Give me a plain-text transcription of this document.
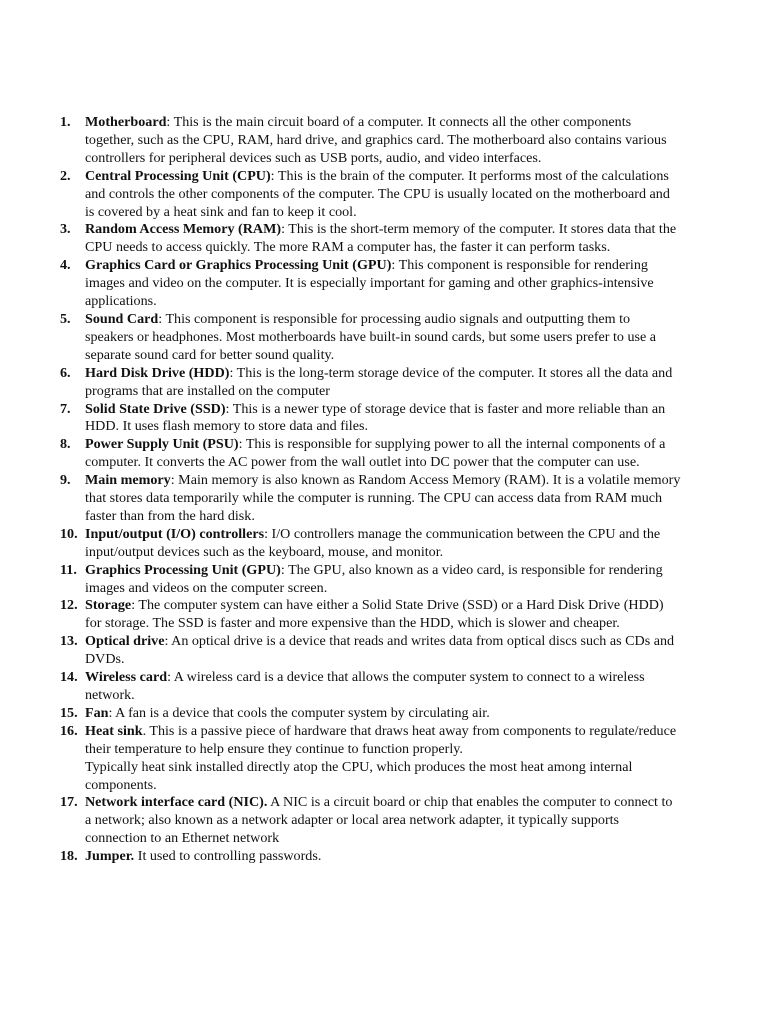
1. Motherboard: This is the main circuit board of a computer. It connects all the other components together, such as the CPU, RAM, hard drive, and graphics card. The motherboard also contains various controllers for peripheral devices such as USB ports, audio, and video interfaces.
2. Central Processing Unit (CPU): This is the brain of the computer. It performs most of the calculations and controls the other components of the computer. The CPU is usually located on the motherboard and is covered by a heat sink and fan to keep it cool.
3. Random Access Memory (RAM): This is the short-term memory of the computer. It stores data that the CPU needs to access quickly. The more RAM a computer has, the faster it can perform tasks.
4. Graphics Card or Graphics Processing Unit (GPU): This component is responsible for rendering images and video on the computer. It is especially important for gaming and other graphics-intensive applications.
5. Sound Card: This component is responsible for processing audio signals and outputting them to speakers or headphones. Most motherboards have built-in sound cards, but some users prefer to use a separate sound card for better sound quality.
6. Hard Disk Drive (HDD): This is the long-term storage device of the computer. It stores all the data and programs that are installed on the computer
7. Solid State Drive (SSD): This is a newer type of storage device that is faster and more reliable than an HDD. It uses flash memory to store data and files.
8. Power Supply Unit (PSU): This is responsible for supplying power to all the internal components of a computer. It converts the AC power from the wall outlet into DC power that the computer can use.
9. Main memory: Main memory is also known as Random Access Memory (RAM). It is a volatile memory that stores data temporarily while the computer is running. The CPU can access data from RAM much faster than from the hard disk.
10. Input/output (I/O) controllers: I/O controllers manage the communication between the CPU and the input/output devices such as the keyboard, mouse, and monitor.
11. Graphics Processing Unit (GPU): The GPU, also known as a video card, is responsible for rendering images and videos on the computer screen.
12. Storage: The computer system can have either a Solid State Drive (SSD) or a Hard Disk Drive (HDD) for storage. The SSD is faster and more expensive than the HDD, which is slower and cheaper.
13. Optical drive: An optical drive is a device that reads and writes data from optical discs such as CDs and DVDs.
14. Wireless card: A wireless card is a device that allows the computer system to connect to a wireless network.
15. Fan: A fan is a device that cools the computer system by circulating air.
16. Heat sink. This is a passive piece of hardware that draws heat away from components to regulate/reduce their temperature to help ensure they continue to function properly.
Typically heat sink installed directly atop the CPU, which produces the most heat among internal components.
17. Network interface card (NIC). A NIC is a circuit board or chip that enables the computer to connect to a network; also known as a network adapter or local area network adapter, it typically supports connection to an Ethernet network
18. Jumper. It used to controlling passwords.
